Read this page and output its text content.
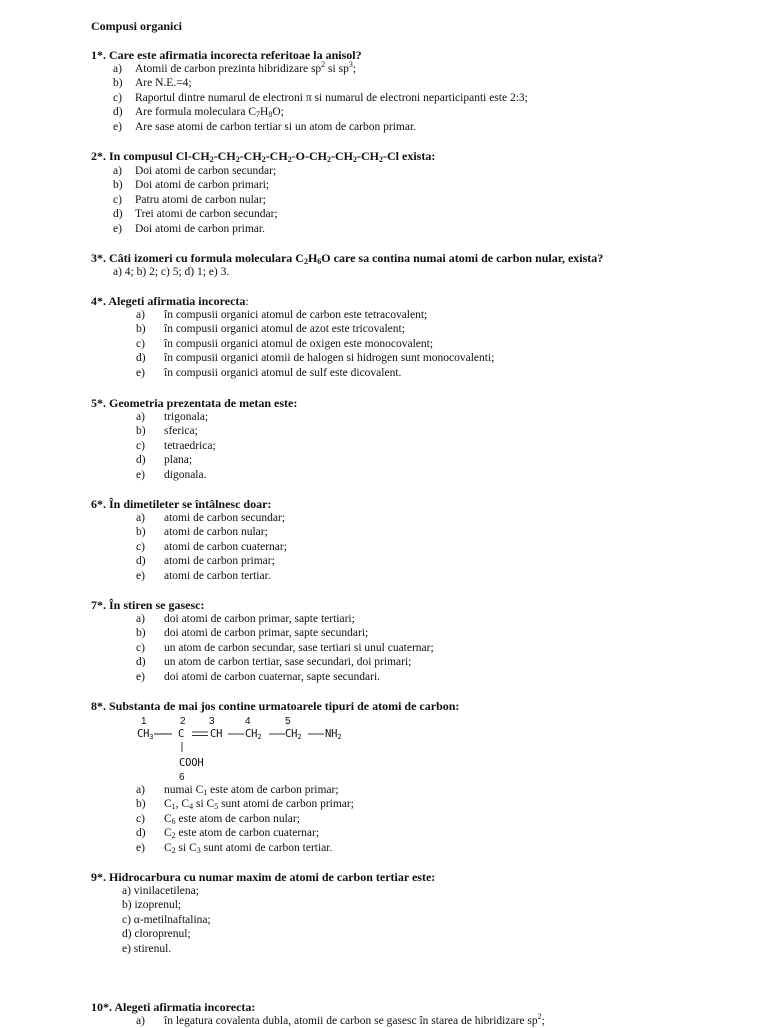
Compusi organici
1*. Care este afirmatia incorecta referitoae la anisol?
a) Atomii de carbon prezinta hibridizare $sp^2$ si $sp^3$;
b) Are N.E.=4;
c) Raportul dintre numarul de electroni π si numarul de electroni neparticipanti este 2:3;
d) Are formula moleculara $C_7H_8O$;
e) Are sase atomi de carbon tertiar si un atom de carbon primar.
2*. In compusul $Cl-CH_2-CH_2-CH_2-CH_2-O-CH_2-CH_2-CH_2-Cl$ exista:
a) Doi atomi de carbon secundar;
b) Doi atomi de carbon primari;
c) Patru atomi de carbon nular;
d) Trei atomi de carbon secundar;
e) Doi atomi de carbon primar.
3*. Câti izomeri cu formula moleculara $C_2H_6O$ care sa contina numai atomi de carbon nular, exista?
a) 4; b) 2; c) 5; d) 1; e) 3.
4*. Alegeti afirmatia incorecta:
a) în compusii organici atomul de carbon este tetracovalent;
b) în compusii organici atomul de azot este tricovalent;
c) în compusii organici atomul de oxigen este monocovalent;
d) în compusii organici atomii de halogen si hidrogen sunt monocovalenti;
e) în compusii organici atomul de sulf este dicovalent.
5*. Geometria prezentata de metan este:
a) trigonala;
b) sferica;
c) tetraedrica;
d) plana;
e) digonala.
6*. În dimetileter se întâlnesc doar:
a) atomi de carbon secundar;
b) atomi de carbon nular;
c) atomi de carbon cuaternar;
d) atomi de carbon primar;
e) atomi de carbon tertiar.
7*. În stiren se gasesc:
a) doi atomi de carbon primar, sapte tertiari;
b) doi atomi de carbon primar, sapte secundari;
c) un atom de carbon secundar, sase tertiari si unul cuaternar;
d) un atom de carbon tertiar, sase secundari, doi primari;
e) doi atomi de carbon cuaternar, sapte secundari.
8*. Substanta de mai jos contine urmatoarele tipuri de atomi de carbon:
1	2 3	4	5
6
$CH_3$ C CH $CH_2$ $CH_2$ $NH_2$
COOH
a) numai $C_1$ este atom de carbon primar;
b) $C_1$, $C_4$ si $C_5$ sunt atomi de carbon primar;
c) $C_6$ este atom de carbon nular;
d) $C_2$ este atom de carbon cuaternar;
e) $C_2$ si $C_3$ sunt atomi de carbon tertiar.
9*. Hidrocarbura cu numar maxim de atomi de carbon tertiar este:
a) vinilacetilena;
b) izoprenul;
c) α-metilnaftalina;
d) cloroprenul;
e) stirenul.
10*. Alegeti afirmatia incorecta:
a) în legatura covalenta dubla, atomii de carbon se gasesc în starea de hibridizare $sp^2$;
